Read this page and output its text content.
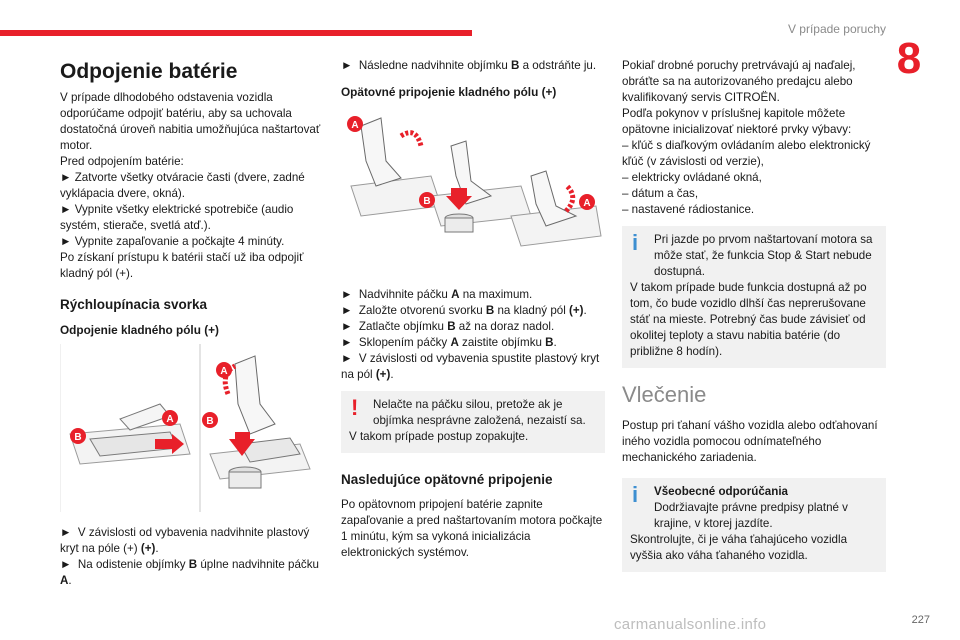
V prípade poruchy
8
Odpojenie batérie

V prípade dlhodobého odstavenia vozidla odporúčame odpojiť batériu, aby sa uchovala dostatočná úroveň nabitia umožňujúca naštartovať motor.

Pred odpojením batérie:

► Zatvorte všetky otváracie časti (dvere, zadné vyklápacia dvere, okná).

► Vypnite všetky elektrické spotrebiče (audio systém, stierače, svetlá atď.).

► Vypnite zapaľovanie a počkajte 4 minúty.

Po získaní prístupu k batérii stačí už iba odpojiť kladný pól (+).

Rýchloupínacia svorka
Odpojenie kladného pólu (+)
A
B
A
B

►  V závislosti od vybavenia nadvihnite plastový kryt na póle (+) (+).

►  Na odistenie objímky B úplne nadvihnite páčku A.

►  Následne nadvihnite objímku B a odstráňte ju.

Opätovné pripojenie kladného pólu (+)
A
B	A

►  Nadvihnite páčku A na maximum.

►  Založte otvorenú svorku B na kladný pól (+).

►  Zatlačte objímku B až na doraz nadol.

►  Sklopením páčky A zaistite objímku B.

►  V závislosti od vybavenia spustite plastový kryt na pól (+).

!	Nelačte na páčku silou, pretože ak je objímka nesprávne založená, nezaistí sa.

V takom prípade postup zopakujte.

Nasledujúce opätovné pripojenie

Po opätovnom pripojení batérie zapnite zapaľovanie a pred naštartovaním motora počkajte 1 minútu, kým sa vykoná inicializácia elektronických systémov.

Pokiaľ drobné poruchy pretrvávajú aj naďalej, obráťte sa na autorizovaného predajcu alebo kvalifikovaný servis CITROËN.

Podľa pokynov v príslušnej kapitole môžete opätovne inicializovať niektoré prvky výbavy:

– kľúč s diaľkovým ovládaním alebo elektronický kľúč (v závislosti od verzie),

– elektricky ovládané okná,

– dátum a čas,

– nastavené rádiostanice.

i	Pri jazde po prvom naštartovaní motora sa môže stať, že funkcia Stop & Start nebude dostupná.

V takom prípade bude funkcia dostupná až po tom, čo bude vozidlo dlhší čas neprerušovane stáť na mieste. Potrebný čas bude závisieť od okolitej teploty a stavu nabitia batérie (do približne 8 hodín).

Vlečenie

Postup pri ťahaní vášho vozidla alebo odťahovaní iného vozidla pomocou odnímateľného mechanického zariadenia.

i	Všeobecné odporúčania

Dodržiavajte právne predpisy platné v krajine, v ktorej jazdíte.

Skontrolujte, či je váha ťahajúceho vozidla vyššia ako váha ťahaného vozidla.

carmanualsonline.info	227
